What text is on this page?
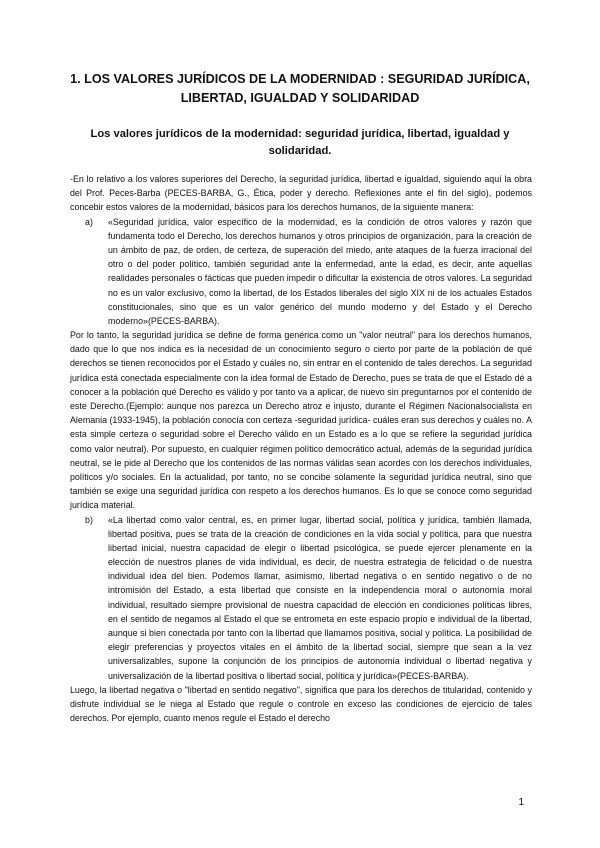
1. LOS VALORES JURÍDICOS DE LA MODERNIDAD : SEGURIDAD JURÍDICA, LIBERTAD, IGUALDAD Y SOLIDARIDAD
Los valores jurídicos de la modernidad: seguridad jurídica, libertad, igualdad y solidaridad.

-En lo relativo a los valores superiores del Derecho, la seguridad jurídica, libertad e igualdad, siguiendo aquí la obra del Prof. Peces-Barba (PECES-BARBA, G., Ética, poder y derecho. Reflexiones ante el fin del siglo), podemos concebir estos valores de la modernidad, básicos para los derechos humanos, de la siguiente manera:

a)	«Seguridad jurídica, valor específico de la modernidad, es la condición de otros valores y razón que fundamenta todo el Derecho, los derechos humanos y otros principios de organización, para la creación de un ámbito de paz, de orden, de certeza, de superación del miedo, ante ataques de la fuerza irracional del otro o del poder político, también seguridad ante la enfermedad, ante la edad, es decir, ante aquellas realidades personales o fácticas que pueden impedir o dificultar la existencia de otros valores. La seguridad no es un valor exclusivo, como la libertad, de los Estados liberales del siglo XIX ni de los actuales Estados constitucionales, sino que es un valor genérico del mundo moderno y del Estado y el Derecho moderno»(PECES-BARBA).

Por lo tanto, la seguridad jurídica se define de forma genérica como un "valor neutral" para los derechos humanos, dado que lo que nos indica es la necesidad de un conocimiento seguro o cierto por parte de la población de qué derechos se tienen reconocidos por el Estado y cuáles no, sin entrar en el contenido de tales derechos. La seguridad jurídica está conectada especialmente con la idea formal de Estado de Derecho, pues se trata de que el Estado dé a conocer a la población qué Derecho es válido y por tanto va a aplicar, de nuevo sin preguntarnos por el contenido de este Derecho.(Ejemplo: aunque nos parezca un Derecho atroz e injusto, durante el Régimen Nacionalsocialista en Alemania (1933-1945), la población conocía con certeza -seguridad jurídica- cuáles eran sus derechos y cuáles no. A esta simple certeza o seguridad sobre el Derecho válido en un Estado es a lo que se refiere la seguridad jurídica como valor neutral). Por supuesto, en cualquier régimen político democrático actual, además de la seguridad jurídica neutral, se le pide al Derecho que los contenidos de las normas válidas sean acordes con los derechos individuales, políticos y/o sociales. En la actualidad, por tanto, no se concibe solamente la seguridad jurídica neutral, sino que también se exige una seguridad jurídica con respeto a los derechos humanos. Es lo que se conoce como seguridad jurídica material.

b)	«La libertad como valor central, es, en primer lugar, libertad social, política y jurídica, también llamada, libertad positiva, pues se trata de la creación de condiciones en la vida social y política, para que nuestra libertad inicial, nuestra capacidad de elegir o libertad psicológica, se puede ejercer plenamente en la elección de nuestros planes de vida individual, es decir, de nuestra estrategia de felicidad o de nuestra individual idea del bien. Podemos llamar, asimismo, libertad negativa o en sentido negativo o de no intromisión del Estado, a esta libertad que consiste en la independencia moral o autonomía moral individual, resultado siempre provisional de nuestra capacidad de elección en condiciones políticas libres, en el sentido de negamos al Estado el que se entrometa en este espacio propio e individual de la libertad, aunque si bien conectada por tanto con la libertad que llamamos positiva, social y política. La posibilidad de elegir preferencias y proyectos vitales en el ámbito de la libertad social, siempre que sean a la vez universalizables, supone la conjunción de los principios de autonomía individual o libertad negativa y universalización de la libertad positiva o libertad social, política y jurídica»(PECES-BARBA).

Luego, la libertad negativa o "libertad en sentido negativo", significa que para los derechos de titularidad, contenido y disfrute individual se le niega al Estado que regule o controle en exceso las condiciones de ejercicio de tales derechos. Por ejemplo, cuanto menos regule el Estado el derecho

1
